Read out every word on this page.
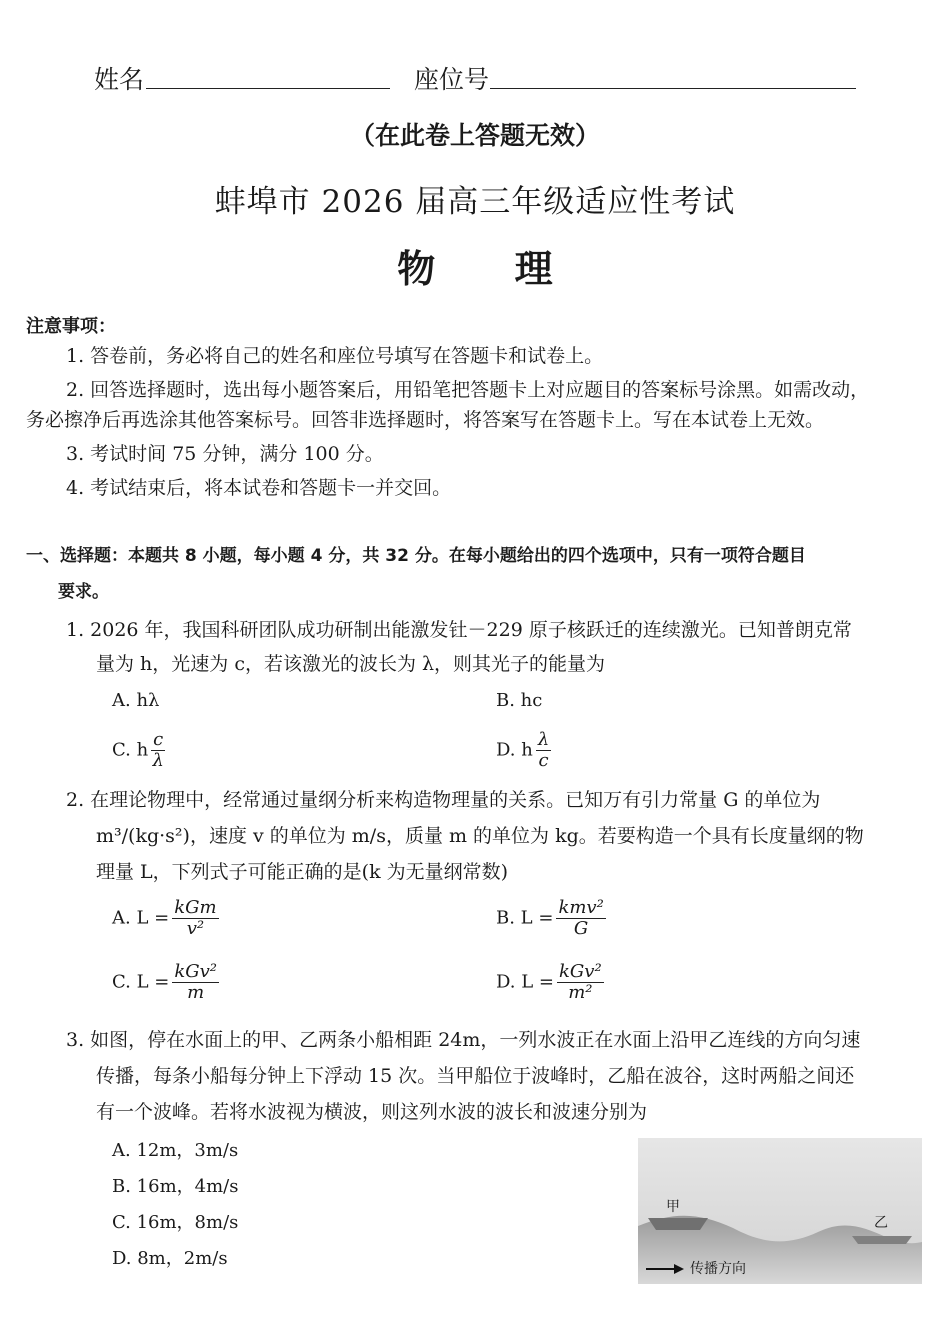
姓名	座位号
（在此卷上答题无效）
蚌埠市 2026 届高三年级适应性考试
物      理
注意事项：
1. 答卷前，务必将自己的姓名和座位号填写在答题卡和试卷上。
2. 回答选择题时，选出每小题答案后，用铅笔把答题卡上对应题目的答案标号涂黑。如需改动，
务必擦净后再选涂其他答案标号。回答非选择题时，将答案写在答题卡上。写在本试卷上无效。
3. 考试时间 75 分钟，满分 100 分。
4. 考试结束后，将本试卷和答题卡一并交回。
一、选择题：本题共 8 小题，每小题 4 分，共 32 分。在每小题给出的四个选项中，只有一项符合题目
要求。
1. 2026 年，我国科研团队成功研制出能激发钍－229 原子核跃迁的连续激光。已知普朗克常
量为 h，光速为 c，若该激光的波长为 λ，则其光子的能量为
A. hλ	B. hc
C. h $\frac{c}{\lambda}$	D. h $\frac{\lambda}{c}$
2. 在理论物理中，经常通过量纲分析来构造物理量的关系。已知万有引力常量 G 的单位为
m³/(kg·s²)，速度 v 的单位为 m/s，质量 m 的单位为 kg。若要构造一个具有长度量纲的物
理量 L，下列式子可能正确的是(k 为无量纲常数)
A. $L = \frac{\text{kGm}}{\text{v²}}$	B. $L = \frac{\text{kmv²}}{G}$
C. $L = \frac{\text{kGv²}}{m}$	D. $L = \frac{\text{kGv²}}{\text{m²}}$
3. 如图，停在水面上的甲、乙两条小船相距 24m，一列水波正在水面上沿甲乙连线的方向匀速
传播，每条小船每分钟上下浮动 15 次。当甲船位于波峰时，乙船在波谷，这时两船之间还
有一个波峰。若将水波视为横波，则这列水波的波长和波速分别为
A. 12m，3m/s
B. 16m，4m/s
C. 16m，8m/s
D. 8m，2m/s
甲
乙
传播方向
